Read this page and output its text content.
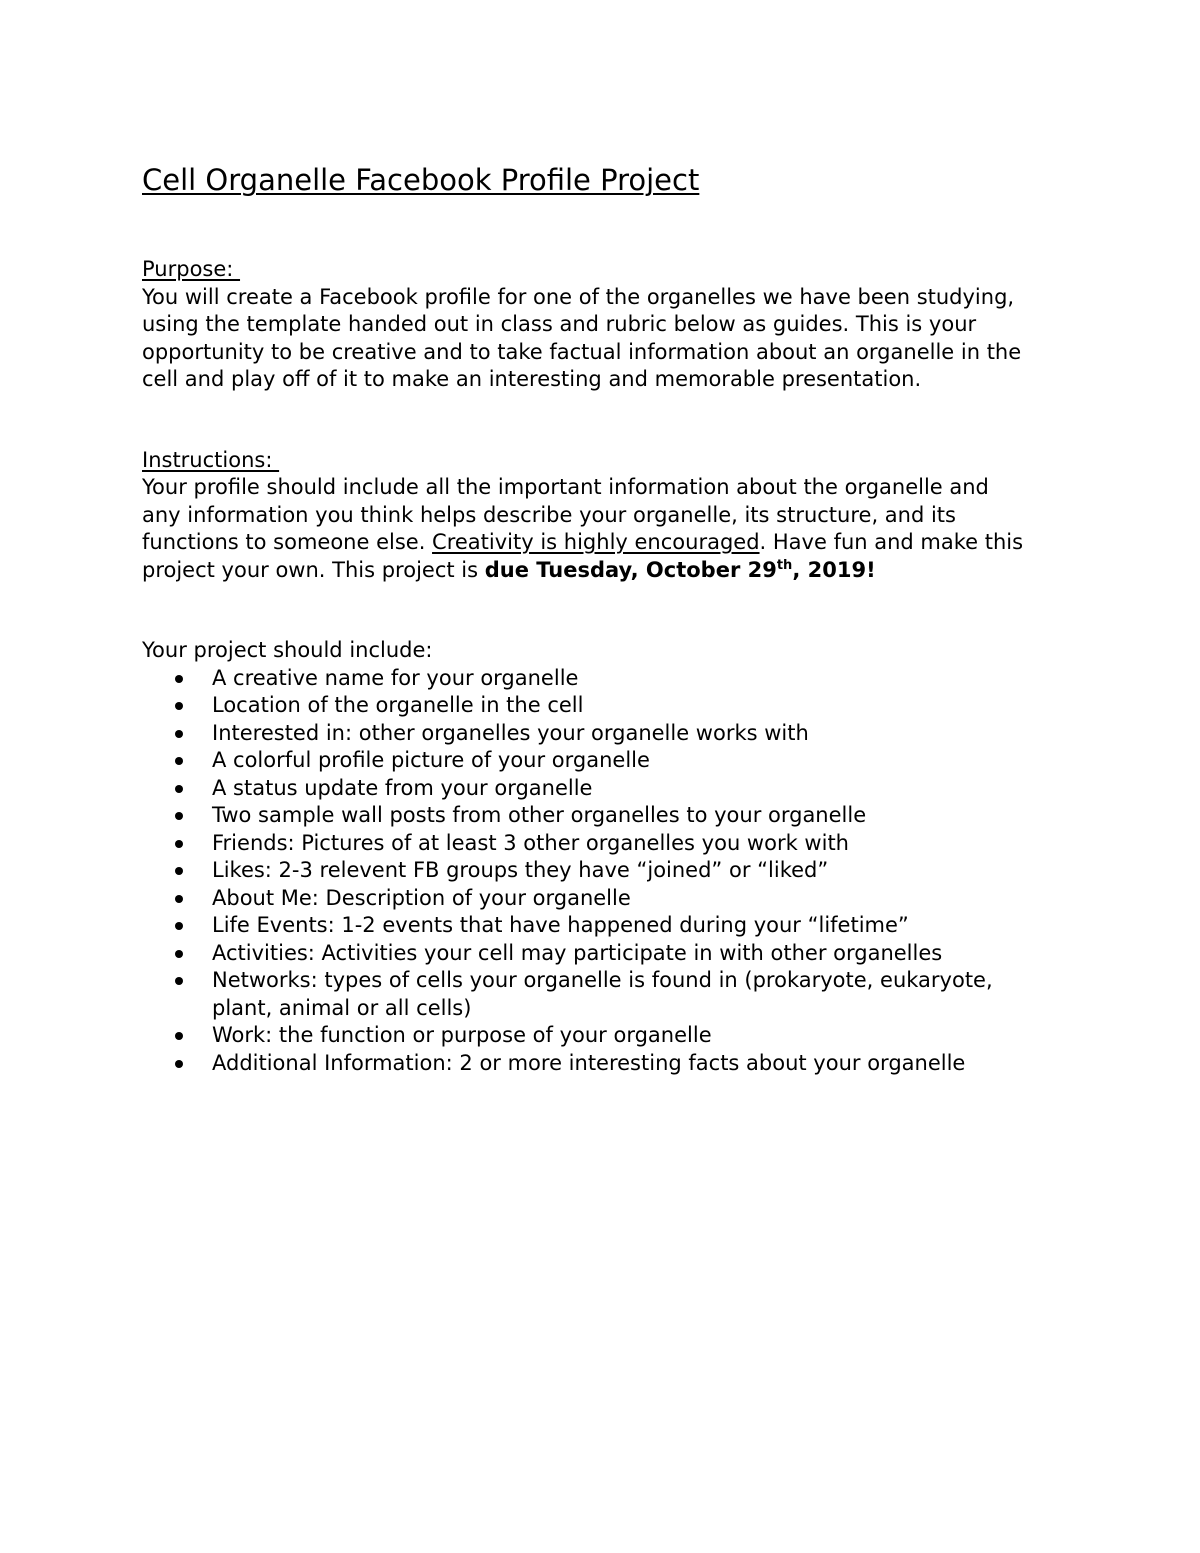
Cell Organelle Facebook Profile Project

Purpose:

You will create a Facebook profile for one of the organelles we have been studying,
using the template handed out in class and rubric below as guides. This is your
opportunity to be creative and to take factual information about an organelle in the
cell and play off of it to make an interesting and memorable presentation.

Instructions:

Your profile should include all the important information about the organelle and
any information you think helps describe your organelle, its structure, and its
functions to someone else. Creativity is highly encouraged. Have fun and make this
project your own. This project is due Tuesday, October 29th, 2019!

Your project should include:

A creative name for your organelle
Location of the organelle in the cell
Interested in: other organelles your organelle works with
A colorful profile picture of your organelle
A status update from your organelle
Two sample wall posts from other organelles to your organelle
Friends: Pictures of at least 3 other organelles you work with
Likes: 2-3 relevent FB groups they have “joined” or “liked”
About Me: Description of your organelle
Life Events: 1-2 events that have happened during your “lifetime”
Activities: Activities your cell may participate in with other organelles
Networks: types of cells your organelle is found in (prokaryote, eukaryote,
plant, animal or all cells)
Work: the function or purpose of your organelle
Additional Information: 2 or more interesting facts about your organelle
